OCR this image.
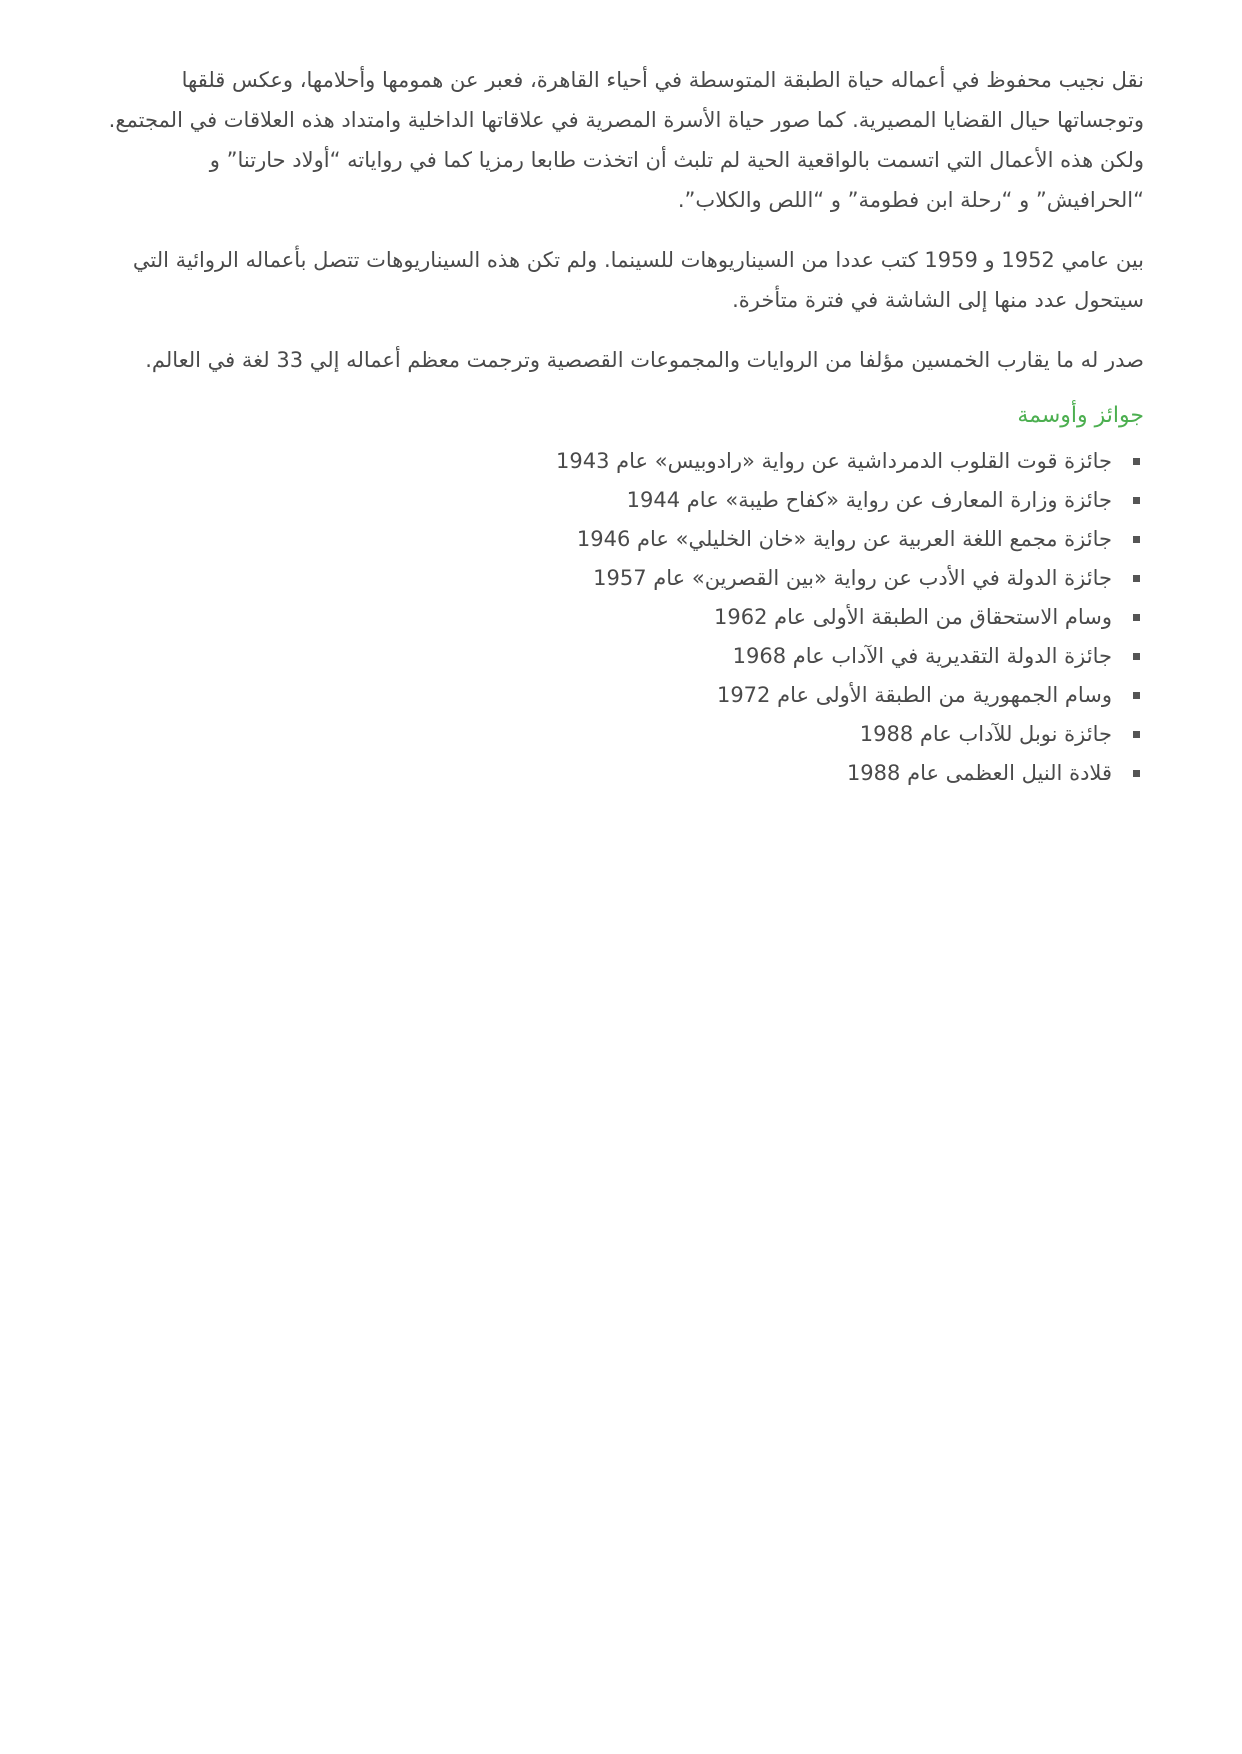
نقل نجيب محفوظ في أعماله حياة الطبقة المتوسطة في أحياء القاهرة، فعبر عن همومها وأحلامها، وعكس قلقها وتوجساتها حيال القضايا المصيرية. كما صور حياة الأسرة المصرية في علاقاتها الداخلية وامتداد هذه العلاقات في المجتمع. ولكن هذه الأعمال التي اتسمت بالواقعية الحية لم تلبث أن اتخذت طابعا رمزيا كما في رواياته “أولاد حارتنا” و “الحرافيش” و “رحلة ابن فطومة” و “اللص والكلاب”.

بين عامي 1952 و 1959 كتب عددا من السيناريوهات للسينما. ولم تكن هذه السيناريوهات تتصل بأعماله الروائية التي سيتحول عدد منها إلى الشاشة في فترة متأخرة.

صدر له ما يقارب الخمسين مؤلفا من الروايات والمجموعات القصصية وترجمت معظم أعماله إلي 33 لغة في العالم.

جوائز وأوسمة
جائزة قوت القلوب الدمرداشية عن رواية «رادوبيس» عام 1943
جائزة وزارة المعارف عن رواية «كفاح طيبة» عام 1944
جائزة مجمع اللغة العربية عن رواية «خان الخليلي» عام 1946
جائزة الدولة في الأدب عن رواية «بين القصرين» عام 1957
وسام الاستحقاق من الطبقة الأولى عام 1962
جائزة الدولة التقديرية في الآداب عام 1968
وسام الجمهورية من الطبقة الأولى عام 1972
جائزة نوبل للآداب عام 1988
قلادة النيل العظمى عام 1988
